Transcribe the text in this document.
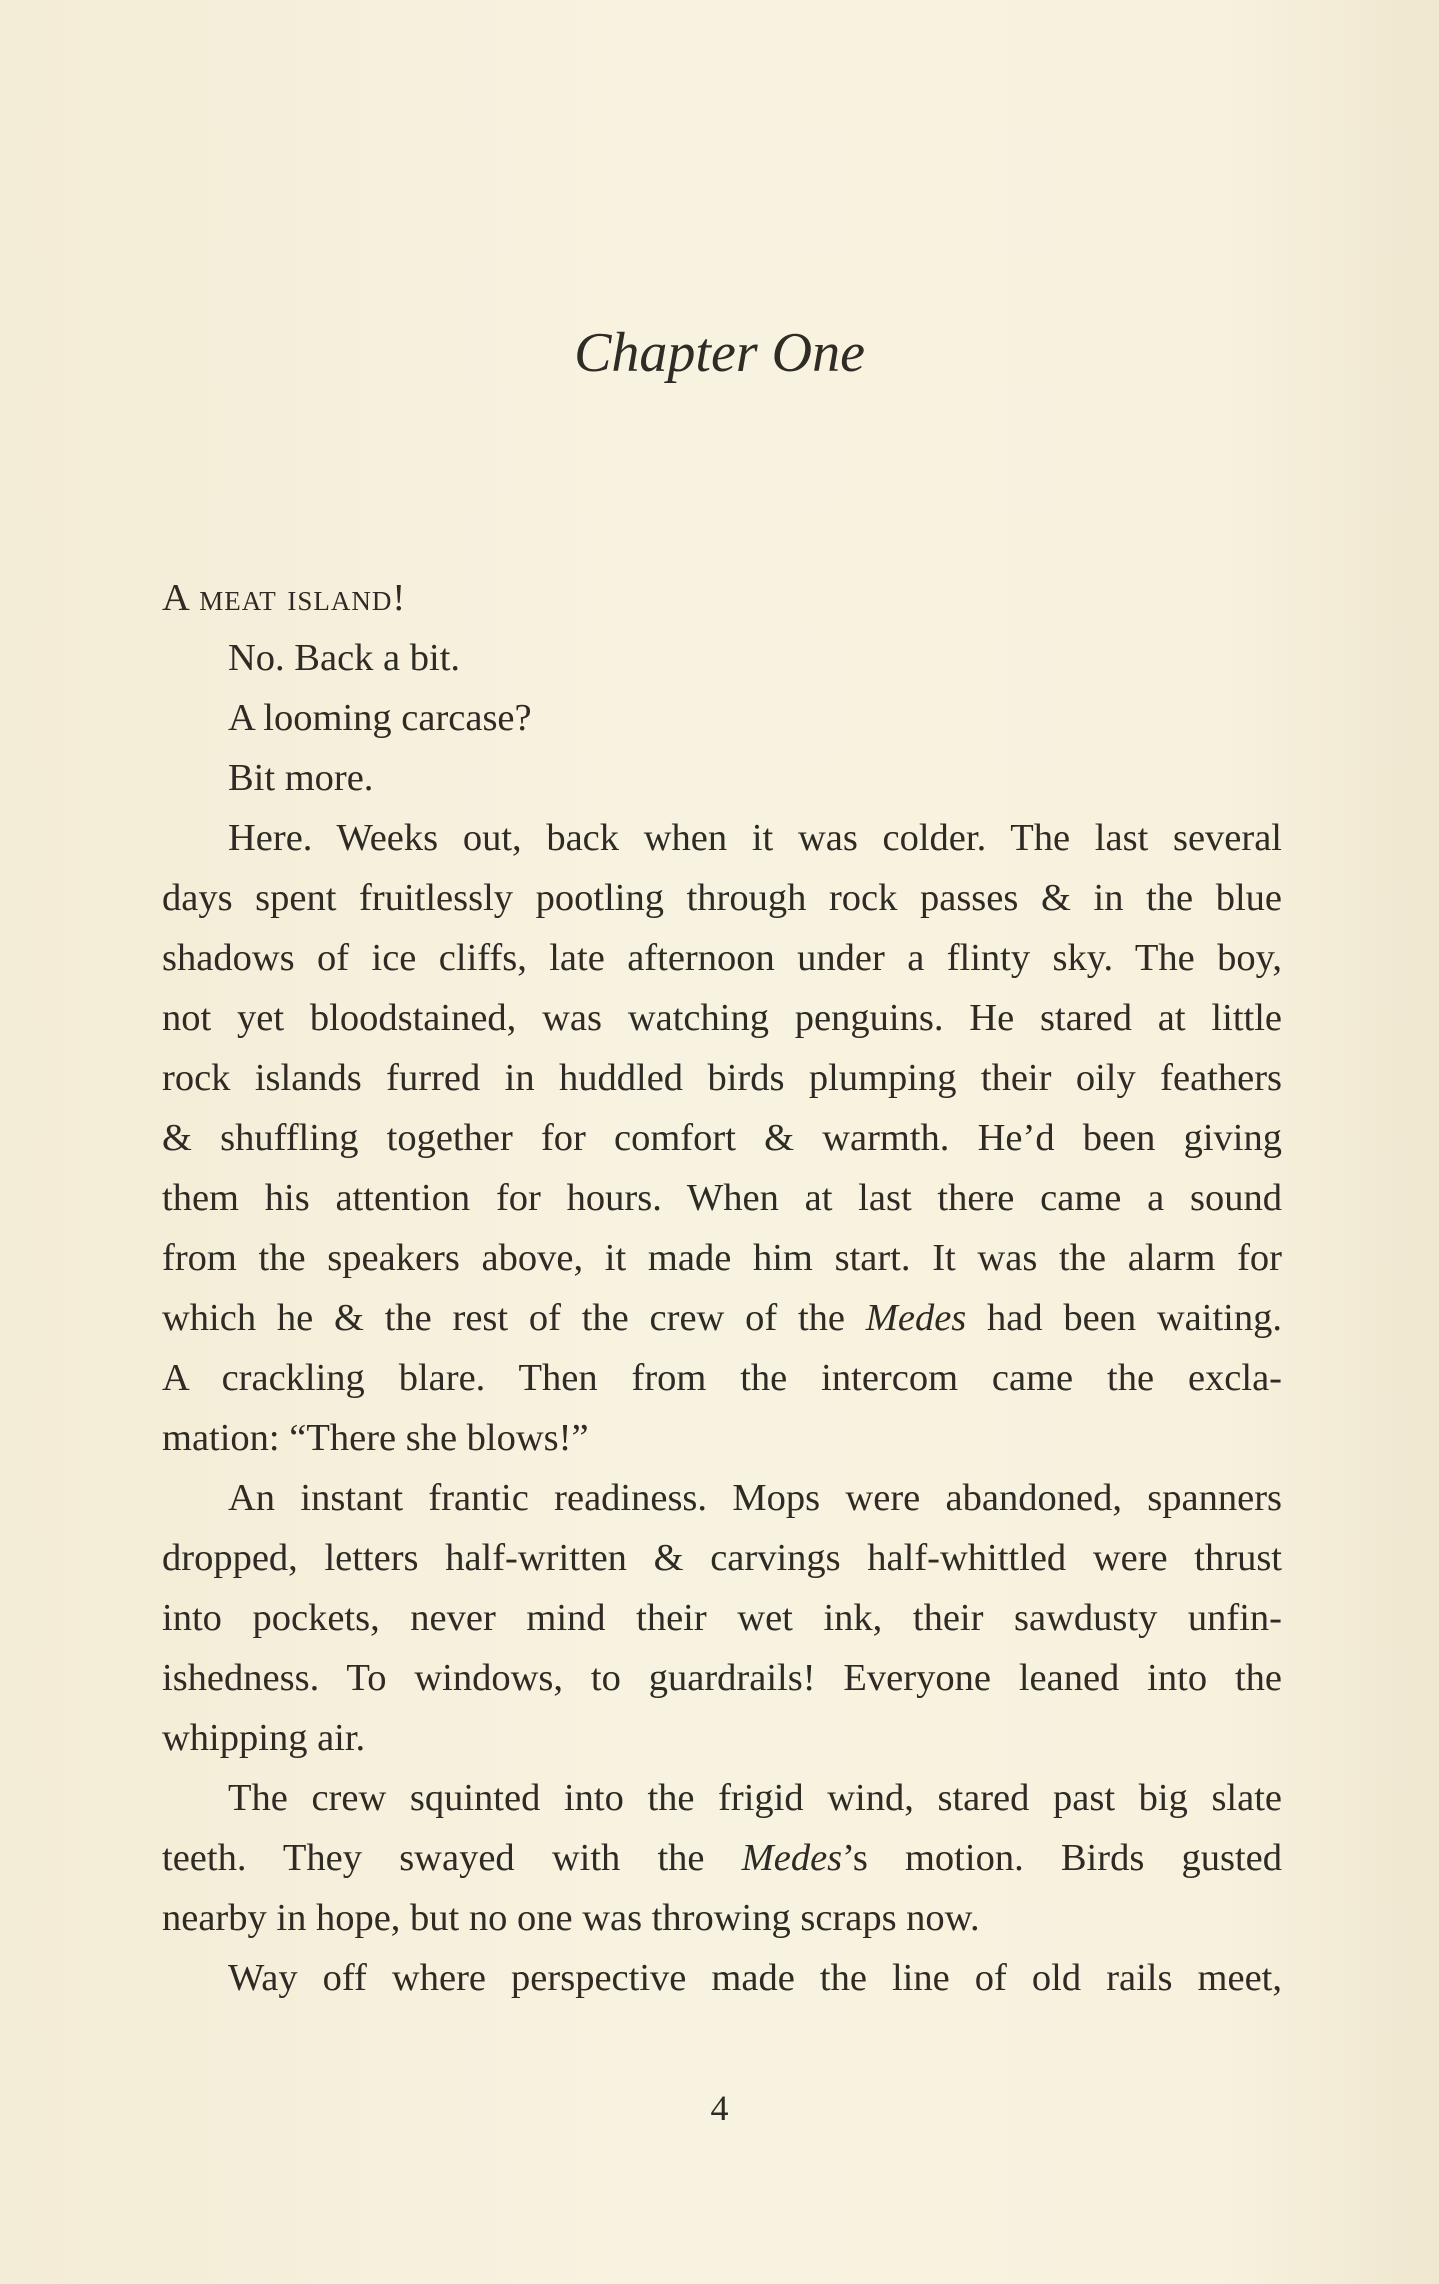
Chapter One
A meat island!
No. Back a bit.
A looming carcase?
Bit more.
Here. Weeks out, back when it was colder. The last several
days spent fruitlessly pootling through rock passes & in the blue
shadows of ice cliffs, late afternoon under a flinty sky. The boy,
not yet bloodstained, was watching penguins. He stared at little
rock islands furred in huddled birds plumping their oily feathers
& shuffling together for comfort & warmth. He’d been giving
them his attention for hours. When at last there came a sound
from the speakers above, it made him start. It was the alarm for
which he & the rest of the crew of the Medes had been waiting.
A crackling blare. Then from the intercom came the excla-
mation: “There she blows!”
An instant frantic readiness. Mops were abandoned, spanners
dropped, letters half-written & carvings half-whittled were thrust
into pockets, never mind their wet ink, their sawdusty unfin-
ishedness. To windows, to guardrails! Everyone leaned into the
whipping air.
The crew squinted into the frigid wind, stared past big slate
teeth. They swayed with the Medes’s motion. Birds gusted
nearby in hope, but no one was throwing scraps now.
Way off where perspective made the line of old rails meet,
4
